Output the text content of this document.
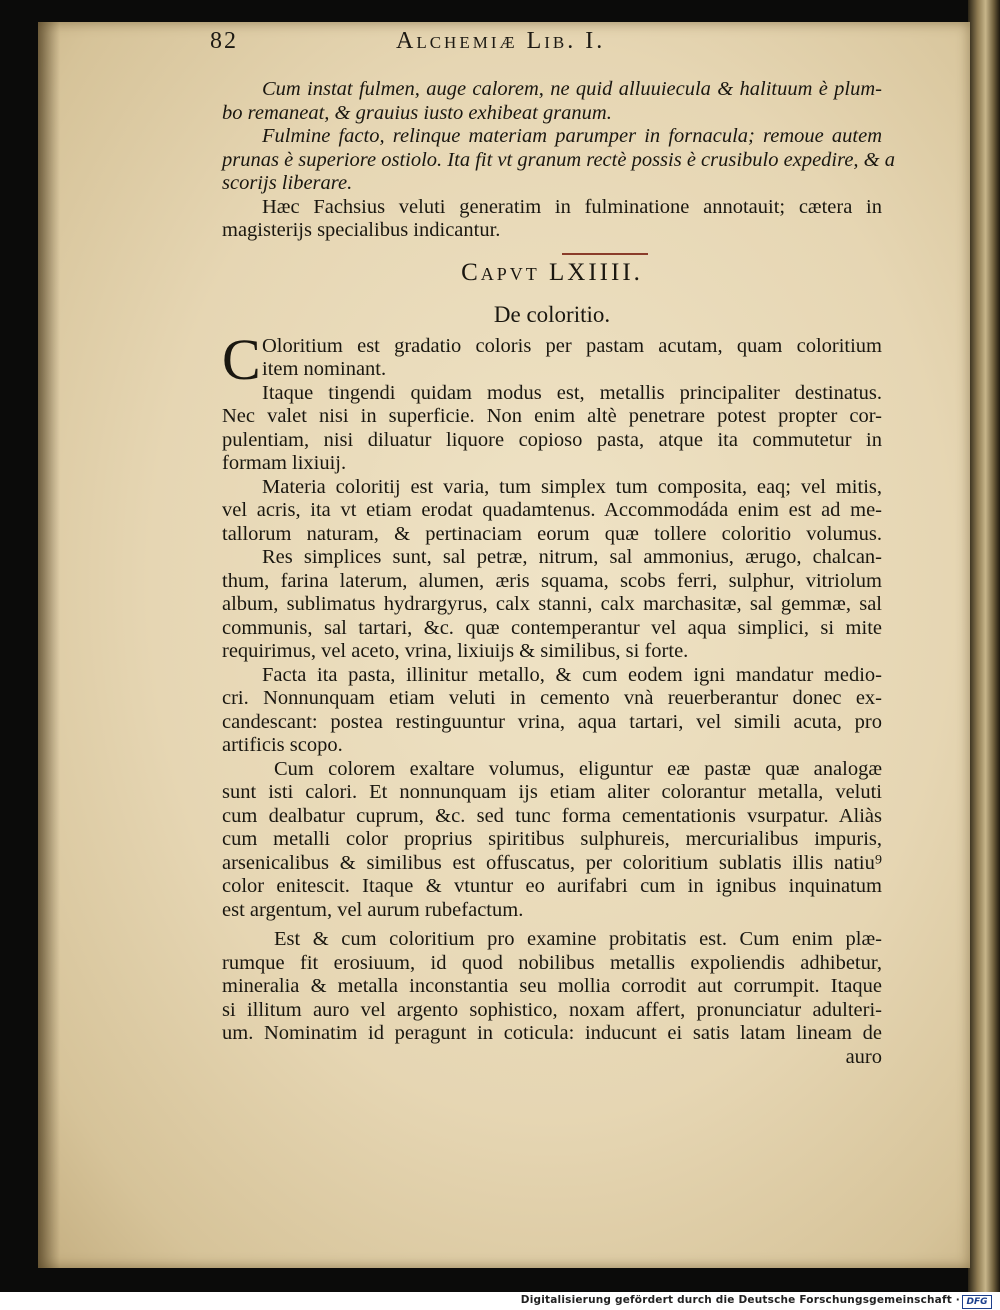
82	Alchemiæ Lib. I.
Cum instat fulmen, auge calorem, ne quid alluuiecula & halituum è plum-
bo remaneat, & grauius iusto exhibeat granum.
Fulmine facto, relinque materiam parumper in fornacula; remoue autem
prunas è superiore ostiolo. Ita fit vt granum rectè possis è crusibulo expedire, & a
scorijs liberare.
Hæc Fachsius veluti generatim in fulminatione annotauit; cætera in
magisterijs specialibus indicantur.
Capvt LXIIII.
De coloritio.
C Oloritium est gradatio coloris per pastam acutam, quam coloritium
item nominant.
Itaque tingendi quidam modus est, metallis principaliter destinatus.
Nec valet nisi in superficie. Non enim altè penetrare potest propter cor-
pulentiam, nisi diluatur liquore copioso pasta, atque ita commutetur in
formam lixiuij.
Materia coloritij est varia, tum simplex tum composita, eaq; vel mitis,
vel acris, ita vt etiam erodat quadamtenus. Accommodáda enim est ad me-
tallorum naturam, & pertinaciam eorum quæ tollere coloritio volumus.
Res simplices sunt, sal petræ, nitrum, sal ammonius, ærugo, chalcan-
thum, farina laterum, alumen, æris squama, scobs ferri, sulphur, vitriolum
album, sublimatus hydrargyrus, calx stanni, calx marchasitæ, sal gemmæ, sal
communis, sal tartari, &c. quæ contemperantur vel aqua simplici, si mite
requirimus, vel aceto, vrina, lixiuijs & similibus, si forte.
Facta ita pasta, illinitur metallo, & cum eodem igni mandatur medio-
cri. Nonnunquam etiam veluti in cemento vnà reuerberantur donec ex-
candescant: postea restinguuntur vrina, aqua tartari, vel simili acuta, pro
artificis scopo.
Cum colorem exaltare volumus, eliguntur eæ pastæ quæ analogæ
sunt isti calori. Et nonnunquam ijs etiam aliter colorantur metalla, veluti
cum dealbatur cuprum, &c. sed tunc forma cementationis vsurpatur. Aliàs
cum metalli color proprius spiritibus sulphureis, mercurialibus impuris,
arsenicalibus & similibus est offuscatus, per coloritium sublatis illis natiu⁹
color enitescit. Itaque & vtuntur eo aurifabri cum in ignibus inquinatum
est argentum, vel aurum rubefactum.
Est & cum coloritium pro examine probitatis est. Cum enim plæ-
rumque fit erosiuum, id quod nobilibus metallis expoliendis adhibetur,
mineralia & metalla inconstantia seu mollia corrodit aut corrumpit. Itaque
si illitum auro vel argento sophistico, noxam affert, pronunciatur adulteri-
um. Nominatim id peragunt in coticula: inducunt ei satis latam lineam de
auro
Digitalisierung gefördert durch die Deutsche Forschungsgemeinschaft · DFG
